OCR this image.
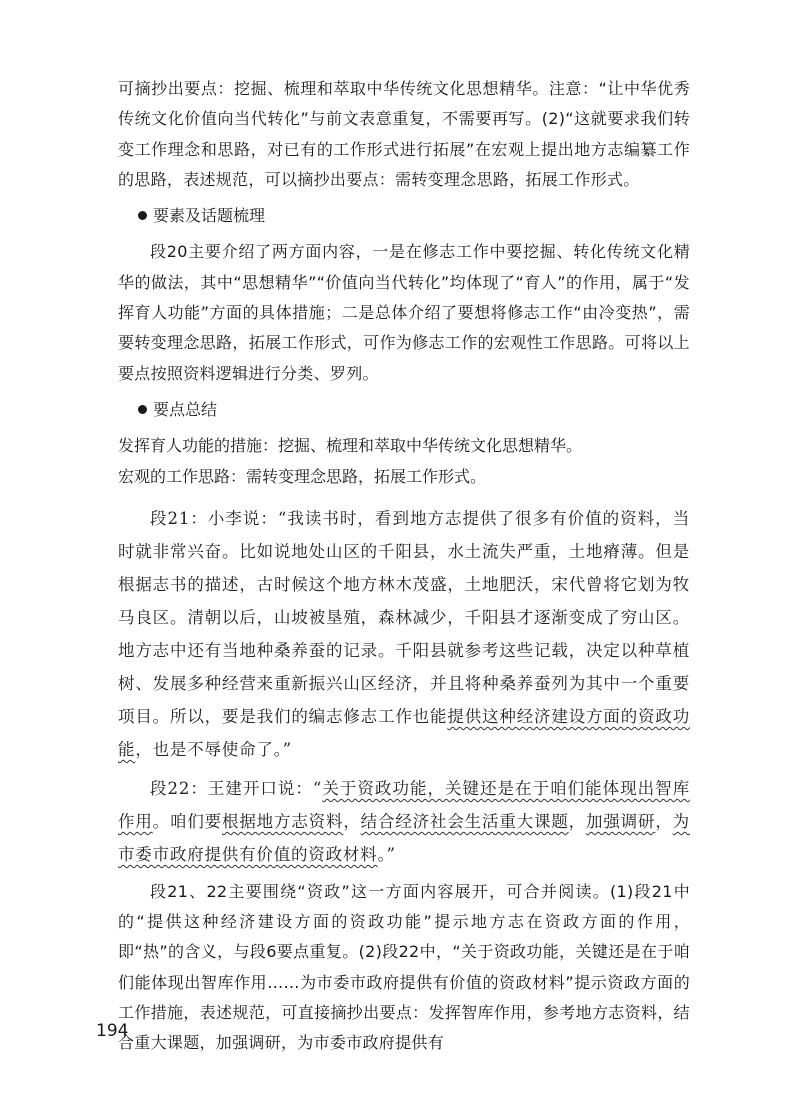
可摘抄出要点：挖掘、梳理和萃取中华传统文化思想精华。注意：“让中华优秀传统文化价值向当代转化”与前文表意重复，不需要再写。(2)“这就要求我们转变工作理念和思路，对已有的工作形式进行拓展”在宏观上提出地方志编纂工作的思路，表述规范，可以摘抄出要点：需转变理念思路，拓展工作形式。

要素及话题梳理

段20主要介绍了两方面内容，一是在修志工作中要挖掘、转化传统文化精华的做法，其中“思想精华”“价值向当代转化”均体现了“育人”的作用，属于“发挥育人功能”方面的具体措施；二是总体介绍了要想将修志工作“由冷变热”，需要转变理念思路，拓展工作形式，可作为修志工作的宏观性工作思路。可将以上要点按照资料逻辑进行分类、罗列。

要点总结

发挥育人功能的措施：挖掘、梳理和萃取中华传统文化思想精华。

宏观的工作思路：需转变理念思路，拓展工作形式。

段21：小李说：“我读书时，看到地方志提供了很多有价值的资料，当时就非常兴奋。比如说地处山区的千阳县，水土流失严重，土地瘠薄。但是根据志书的描述，古时候这个地方林木茂盛，土地肥沃，宋代曾将它划为牧马良区。清朝以后，山坡被垦殖，森林减少，千阳县才逐渐变成了穷山区。地方志中还有当地种桑养蚕的记录。千阳县就参考这些记载，决定以种草植树、发展多种经营来重新振兴山区经济，并且将种桑养蚕列为其中一个重要项目。所以，要是我们的编志修志工作也能提供这种经济建设方面的资政功能，也是不辱使命了。”

段22：王建开口说：“关于资政功能，关键还是在于咱们能体现出智库作用。咱们要根据地方志资料，结合经济社会生活重大课题，加强调研，为市委市政府提供有价值的资政材料。”

段21、22主要围绕“资政”这一方面内容展开，可合并阅读。(1)段21中的“提供这种经济建设方面的资政功能”提示地方志在资政方面的作用，即“热”的含义，与段6要点重复。(2)段22中，“关于资政功能，关键还是在于咱们能体现出智库作用……为市委市政府提供有价值的资政材料”提示资政方面的工作措施，表述规范，可直接摘抄出要点：发挥智库作用，参考地方志资料，结合重大课题，加强调研，为市委市政府提供有

194
